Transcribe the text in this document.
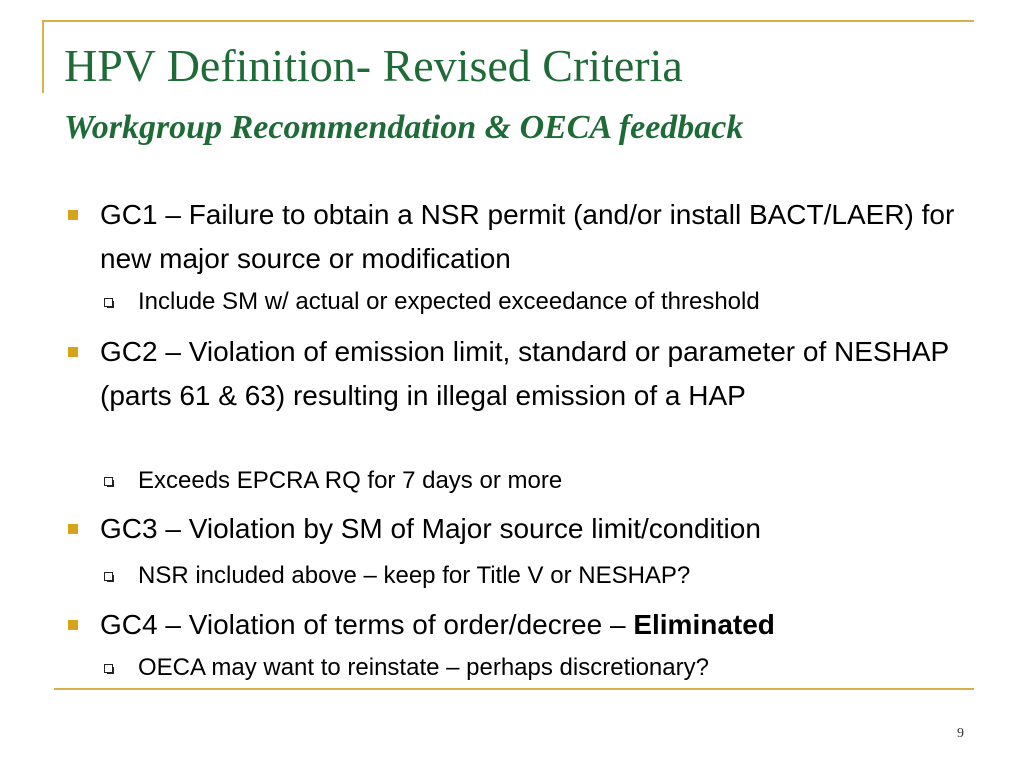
HPV Definition- Revised Criteria
Workgroup Recommendation & OECA feedback

GC1 – Failure to obtain a NSR permit (and/or install BACT/LAER) for new major source or modification

Include SM w/ actual or expected exceedance of threshold

GC2 – Violation of emission limit, standard or parameter of NESHAP (parts 61 & 63) resulting in illegal emission of a HAP

Exceeds EPCRA RQ for 7 days or more

GC3 – Violation by SM of Major source limit/condition

NSR included above – keep for Title V or NESHAP?

GC4 – Violation of terms of order/decree – Eliminated

OECA may want to reinstate – perhaps discretionary?

9
